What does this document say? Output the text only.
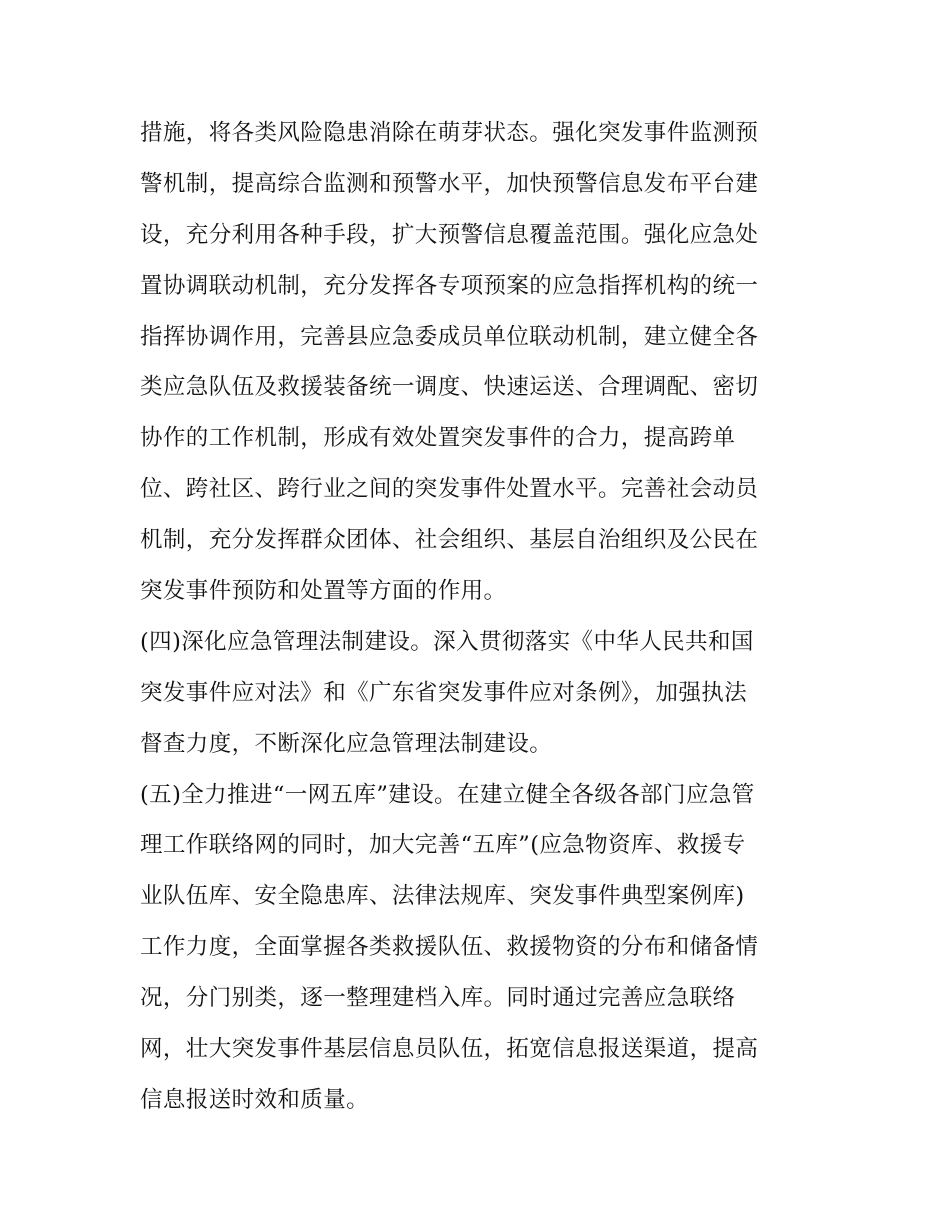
措施，将各类风险隐患消除在萌芽状态。强化突发事件监测预
警机制，提高综合监测和预警水平，加快预警信息发布平台建
设，充分利用各种手段，扩大预警信息覆盖范围。强化应急处
置协调联动机制，充分发挥各专项预案的应急指挥机构的统一
指挥协调作用，完善县应急委成员单位联动机制，建立健全各
类应急队伍及救援装备统一调度、快速运送、合理调配、密切
协作的工作机制，形成有效处置突发事件的合力，提高跨单
位、跨社区、跨行业之间的突发事件处置水平。完善社会动员
机制，充分发挥群众团体、社会组织、基层自治组织及公民在
突发事件预防和处置等方面的作用。
(四)深化应急管理法制建设。深入贯彻落实《中华人民共和国
突发事件应对法》和《广东省突发事件应对条例》，加强执法
督查力度，不断深化应急管理法制建设。
(五)全力推进“一网五库”建设。在建立健全各级各部门应急管
理工作联络网的同时，加大完善“五库”(应急物资库、救援专
业队伍库、安全隐患库、法律法规库、突发事件典型案例库)
工作力度，全面掌握各类救援队伍、救援物资的分布和储备情
况，分门别类，逐一整理建档入库。同时通过完善应急联络
网，壮大突发事件基层信息员队伍，拓宽信息报送渠道，提高
信息报送时效和质量。
